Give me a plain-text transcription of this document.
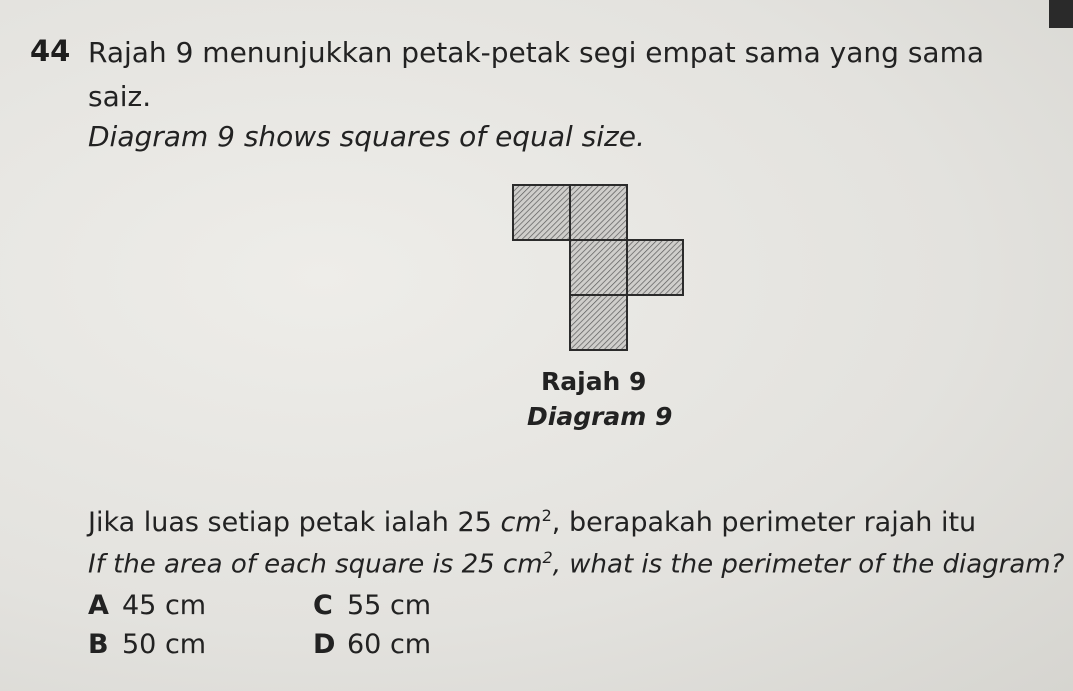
44 Rajah 9 menunjukkan petak-petak segi empat sama yang sama
saiz.
Diagram 9 shows squares of equal size.
Rajah 9
Diagram 9
Jika luas setiap petak ialah 25 $cm^2$, berapakah perimeter rajah itu
If the area of each square is 25 $cm^2$, what is the perimeter of the diagram?
A 45 cm
B 50 cm
C 55 cm
D 60 cm
